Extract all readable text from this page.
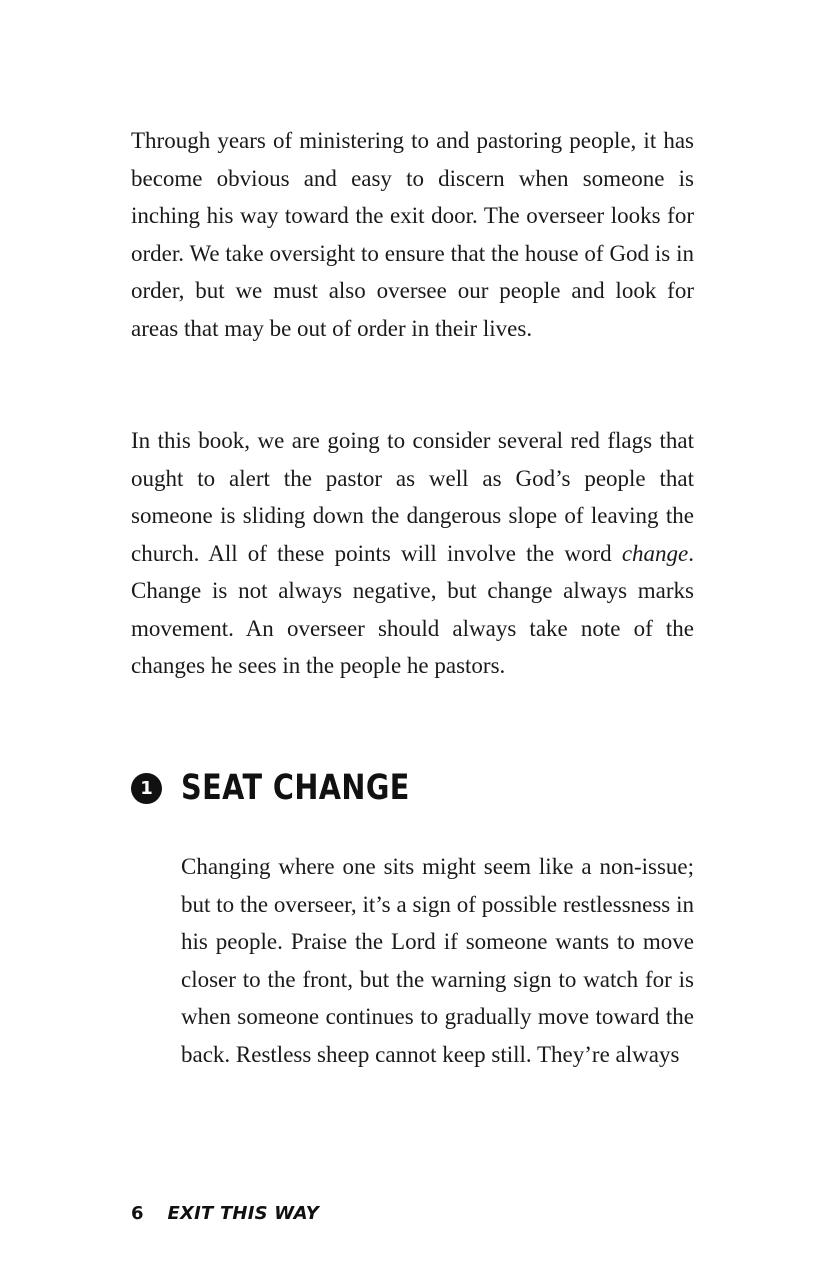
Through years of ministering to and pastoring people, it has become obvious and easy to discern when someone is inching his way toward the exit door. The overseer looks for order. We take oversight to ensure that the house of God is in order, but we must also oversee our people and look for areas that may be out of order in their lives.

In this book, we are going to consider several red flags that ought to alert the pastor as well as God’s people that someone is sliding down the dangerous slope of leaving the church. All of these points will involve the word change. Change is not always negative, but change always marks movement. An overseer should always take note of the changes he sees in the people he pastors.

1 SEAT CHANGE

Changing where one sits might seem like a non-issue; but to the overseer, it’s a sign of possible restlessness in his people. Praise the Lord if someone wants to move closer to the front, but the warning sign to watch for is when someone continues to gradually move toward the back. Restless sheep cannot keep still. They’re always

6 EXIT THIS WAY
